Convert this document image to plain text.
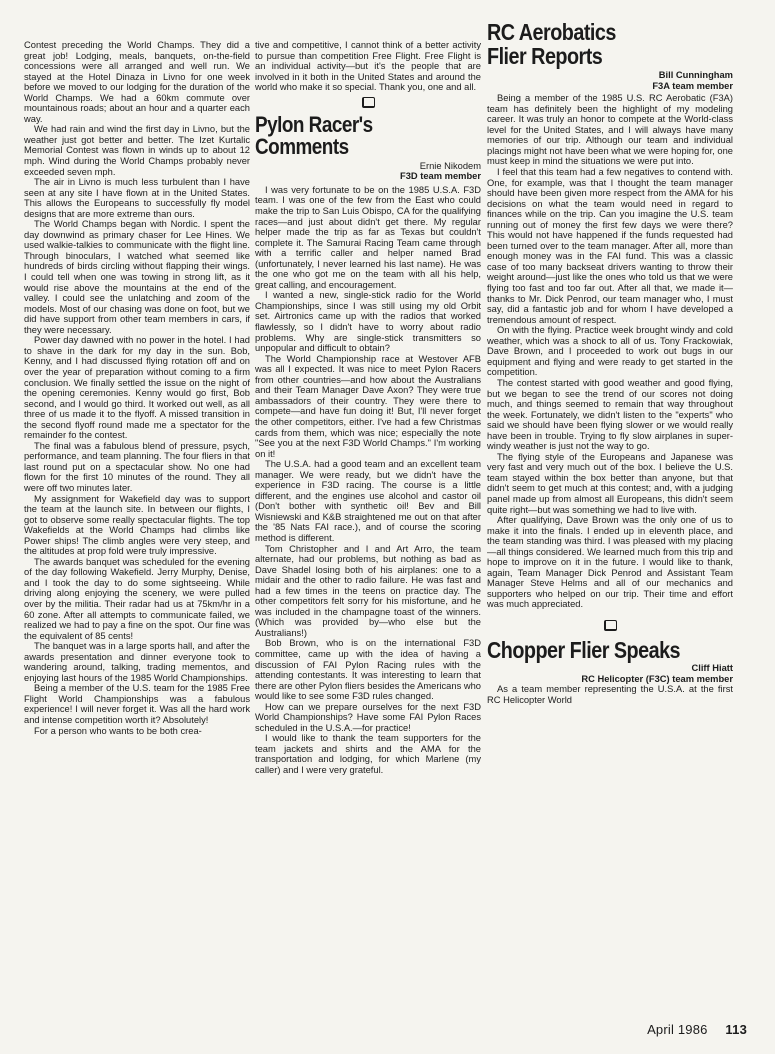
Contest preceding the World Champs. They did a great job! Lodging, meals, banquets, on-the-field concessions were all arranged and well run. We stayed at the Hotel Dinaza in Livno for one week before we moved to our lodging for the duration of the World Champs. We had a 60km commute over mountainous roads; about an hour and a quarter each way.

We had rain and wind the first day in Livno, but the weather just got better and better. The Izet Kurtalic Memorial Contest was flown in winds up to about 12 mph. Wind during the World Champs probably never exceeded seven mph.

The air in Livno is much less turbulent than I have seen at any site I have flown at in the United States. This allows the Europeans to successfully fly model designs that are more extreme than ours.

The World Champs began with Nordic. I spent the day downwind as primary chaser for Lee Hines. We used walkie-talkies to communicate with the flight line. Through binoculars, I watched what seemed like hundreds of birds circling without flapping their wings. I could tell when one was towing in strong lift, as it would rise above the mountains at the end of the valley. I could see the unlatching and zoom of the models. Most of our chasing was done on foot, but we did have support from other team members in cars, if they were necessary.

Power day dawned with no power in the hotel. I had to shave in the dark for my day in the sun. Bob, Kenny, and I had discussed flying rotation off and on over the year of preparation without coming to a firm conclusion. We finally settled the issue on the night of the opening ceremonies. Kenny would go first, Bob second, and I would go third. It worked out well, as all three of us made it to the flyoff. A missed transition in the second flyoff round made me a spectator for the remainder fo the contest.

The final was a fabulous blend of pressure, psych, performance, and team planning. The four fliers in that last round put on a spectacular show. No one had flown for the first 10 minutes of the round. They all were off two minutes later.

My assignment for Wakefield day was to support the team at the launch site. In between our flights, I got to observe some really spectacular flights. The top Wakefields at the World Champs had climbs like Power ships! The climb angles were very steep, and the altitudes at prop fold were truly impressive.

The awards banquet was scheduled for the evening of the day following Wakefield. Jerry Murphy, Denise, and I took the day to do some sightseeing. While driving along enjoying the scenery, we were pulled over by the militia. Their radar had us at 75km/hr in a 60 zone. After all attempts to communicate failed, we realized we had to pay a fine on the spot. Our fine was the equivalent of 85 cents!

The banquet was in a large sports hall, and after the awards presentation and dinner everyone took to wandering around, talking, trading mementos, and enjoying last hours of the 1985 World Championships.

Being a member of the U.S. team for the 1985 Free Flight World Championships was a fabulous experience! I will never forget it. Was all the hard work and intense competition worth it? Absolutely!

For a person who wants to be both crea-

tive and competitive, I cannot think of a better activity to pursue than competition Free Flight. Free Flight is an individual activity—but it's the people that are involved in it both in the United States and around the world who make it so special. Thank you, one and all.

Pylon Racer's
Comments
Ernie Nikodem
F3D team member

I was very fortunate to be on the 1985 U.S.A. F3D team. I was one of the few from the East who could make the trip to San Luis Obispo, CA for the qualifying races—and just about didn't get there. My regular helper made the trip as far as Texas but couldn't complete it. The Samurai Racing Team came through with a terrific caller and helper named Brad (unfortunately, I never learned his last name). He was the one who got me on the team with all his help, great calling, and encouragement.

I wanted a new, single-stick radio for the World Championships, since I was still using my old Orbit set. Airtronics came up with the radios that worked flawlessly, so I didn't have to worry about radio problems. Why are single-stick transmitters so unpopular and difficult to obtain?

The World Championship race at Westover AFB was all I expected. It was nice to meet Pylon Racers from other countries—and how about the Australians and their Team Manager Dave Axon? They were true ambassadors of their country. They were there to compete—and have fun doing it! But, I'll never forget the other competitors, either. I've had a few Christmas cards from them, which was nice; especially the note "See you at the next F3D World Champs." I'm working on it!

The U.S.A. had a good team and an excellent team manager. We were ready, but we didn't have the experience in F3D racing. The course is a little different, and the engines use alcohol and castor oil (Don't bother with synthetic oil! Bev and Bill Wisniewski and K&B straightened me out on that after the '85 Nats FAI race.), and of course the scoring method is different.

Tom Christopher and I and Art Arro, the team alternate, had our problems, but nothing as bad as Dave Shadel losing both of his airplanes: one to a midair and the other to radio failure. He was fast and had a few times in the teens on practice day. The other competitors felt sorry for his misfortune, and he was included in the champagne toast of the winners. (Which was provided by—who else but the Australians!)

Bob Brown, who is on the international F3D committee, came up with the idea of having a discussion of FAI Pylon Racing rules with the attending contestants. It was interesting to learn that there are other Pylon fliers besides the Americans who would like to see some F3D rules changed.

How can we prepare ourselves for the next F3D World Championships? Have some FAI Pylon Races scheduled in the U.S.A.—for practice!

I would like to thank the team supporters for the team jackets and shirts and the AMA for the transportation and lodging, for which Marlene (my caller) and I were very grateful.

RC Aerobatics
Flier Reports
Bill Cunningham
F3A team member

Being a member of the 1985 U.S. RC Aerobatic (F3A) team has definitely been the highlight of my modeling career. It was truly an honor to compete at the World-class level for the United States, and I will always have many memories of our trip. Although our team and individual placings might not have been what we were hoping for, one must keep in mind the situations we were put into.

I feel that this team had a few negatives to contend with. One, for example, was that I thought the team manager should have been given more respect from the AMA for his decisions on what the team would need in regard to finances while on the trip. Can you imagine the U.S. team running out of money the first few days we were there? This would not have happened if the funds requested had been turned over to the team manager. After all, more than enough money was in the FAI fund. This was a classic case of too many backseat drivers wanting to throw their weight around—just like the ones who told us that we were flying too fast and too far out. After all that, we made it—thanks to Mr. Dick Penrod, our team manager who, I must say, did a fantastic job and for whom I have developed a tremendous amount of respect.

On with the flying. Practice week brought windy and cold weather, which was a shock to all of us. Tony Frackowiak, Dave Brown, and I proceeded to work out bugs in our equipment and flying and were ready to get started in the competition.

The contest started with good weather and good flying, but we began to see the trend of our scores not doing much, and things seemed to remain that way throughout the week. Fortunately, we didn't listen to the "experts" who said we should have been flying slower or we would really have been in trouble. Trying to fly slow airplanes in super-windy weather is just not the way to go.

The flying style of the Europeans and Japanese was very fast and very much out of the box. I believe the U.S. team stayed within the box better than anyone, but that didn't seem to get much at this contest; and, with a judging panel made up from almost all Europeans, this didn't seem quite right—but was something we had to live with.

After qualifying, Dave Brown was the only one of us to make it into the finals. I ended up in eleventh place, and the team standing was third. I was pleased with my placing—all things considered. We learned much from this trip and hope to improve on it in the future. I would like to thank, again, Team Manager Dick Penrod and Assistant Team Manager Steve Helms and all of our mechanics and supporters who helped on our trip. Their time and effort was much appreciated.

Chopper Flier Speaks
Cliff Hiatt
RC Helicopter (F3C) team member

As a team member representing the U.S.A. at the first RC Helicopter World

April 1986 113
